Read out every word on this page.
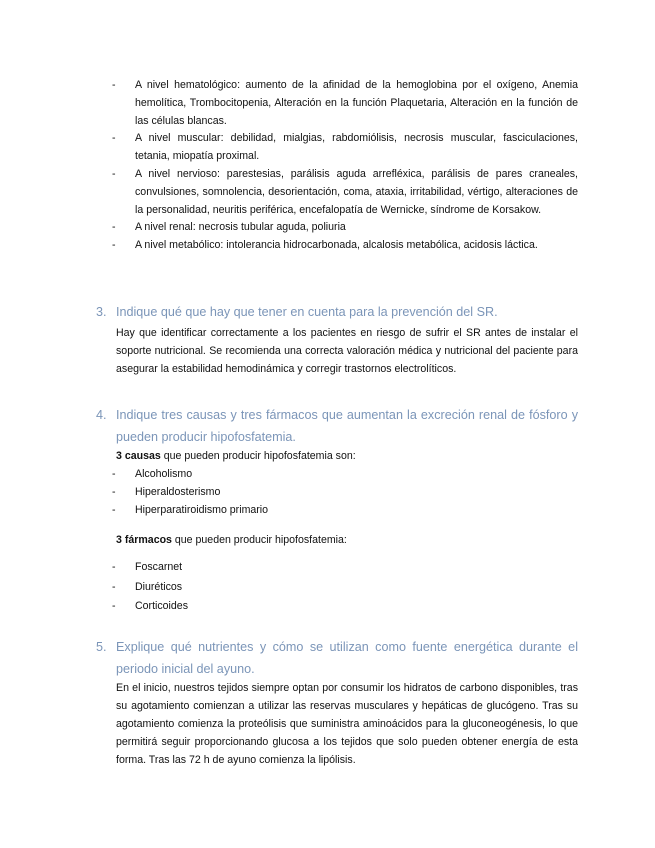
- A nivel hematológico: aumento de la afinidad de la hemoglobina por el oxígeno, Anemia hemolítica, Trombocitopenia, Alteración en la función Plaquetaria, Alteración en la función de las células blancas.
- A nivel muscular: debilidad, mialgias, rabdomiólisis, necrosis muscular, fasciculaciones, tetania, miopatía proximal.
- A nivel nervioso: parestesias, parálisis aguda arrefléxica, parálisis de pares craneales, convulsiones, somnolencia, desorientación, coma, ataxia, irritabilidad, vértigo, alteraciones de la personalidad, neuritis periférica, encefalopatía de Wernicke, síndrome de Korsakow.
- A nivel renal: necrosis tubular aguda, poliuria
- A nivel metabólico: intolerancia hidrocarbonada, alcalosis metabólica, acidosis láctica.
3. Indique qué que hay que tener en cuenta para la prevención del SR.

Hay que identificar correctamente a los pacientes en riesgo de sufrir el SR antes de instalar el soporte nutricional. Se recomienda una correcta valoración médica y nutricional del paciente para asegurar la estabilidad hemodinámica y corregir trastornos electrolíticos.

4. Indique tres causas y tres fármacos que aumentan la excreción renal de fósforo y pueden producir hipofosfatemia.

3 causas que pueden producir hipofosfatemia son:

- Alcoholismo
- Hiperaldosterismo
- Hiperparatiroidismo primario

3 fármacos que pueden producir hipofosfatemia:

- Foscarnet
- Diuréticos
- Corticoides
5. Explique qué nutrientes y cómo se utilizan como fuente energética durante el periodo inicial del ayuno.

En el inicio, nuestros tejidos siempre optan por consumir los hidratos de carbono disponibles, tras su agotamiento comienzan a utilizar las reservas musculares y hepáticas de glucógeno. Tras su agotamiento comienza la proteólisis que suministra aminoácidos para la gluconeogénesis, lo que permitirá seguir proporcionando glucosa a los tejidos que solo pueden obtener energía de esta forma. Tras las 72 h de ayuno comienza la lipólisis.
